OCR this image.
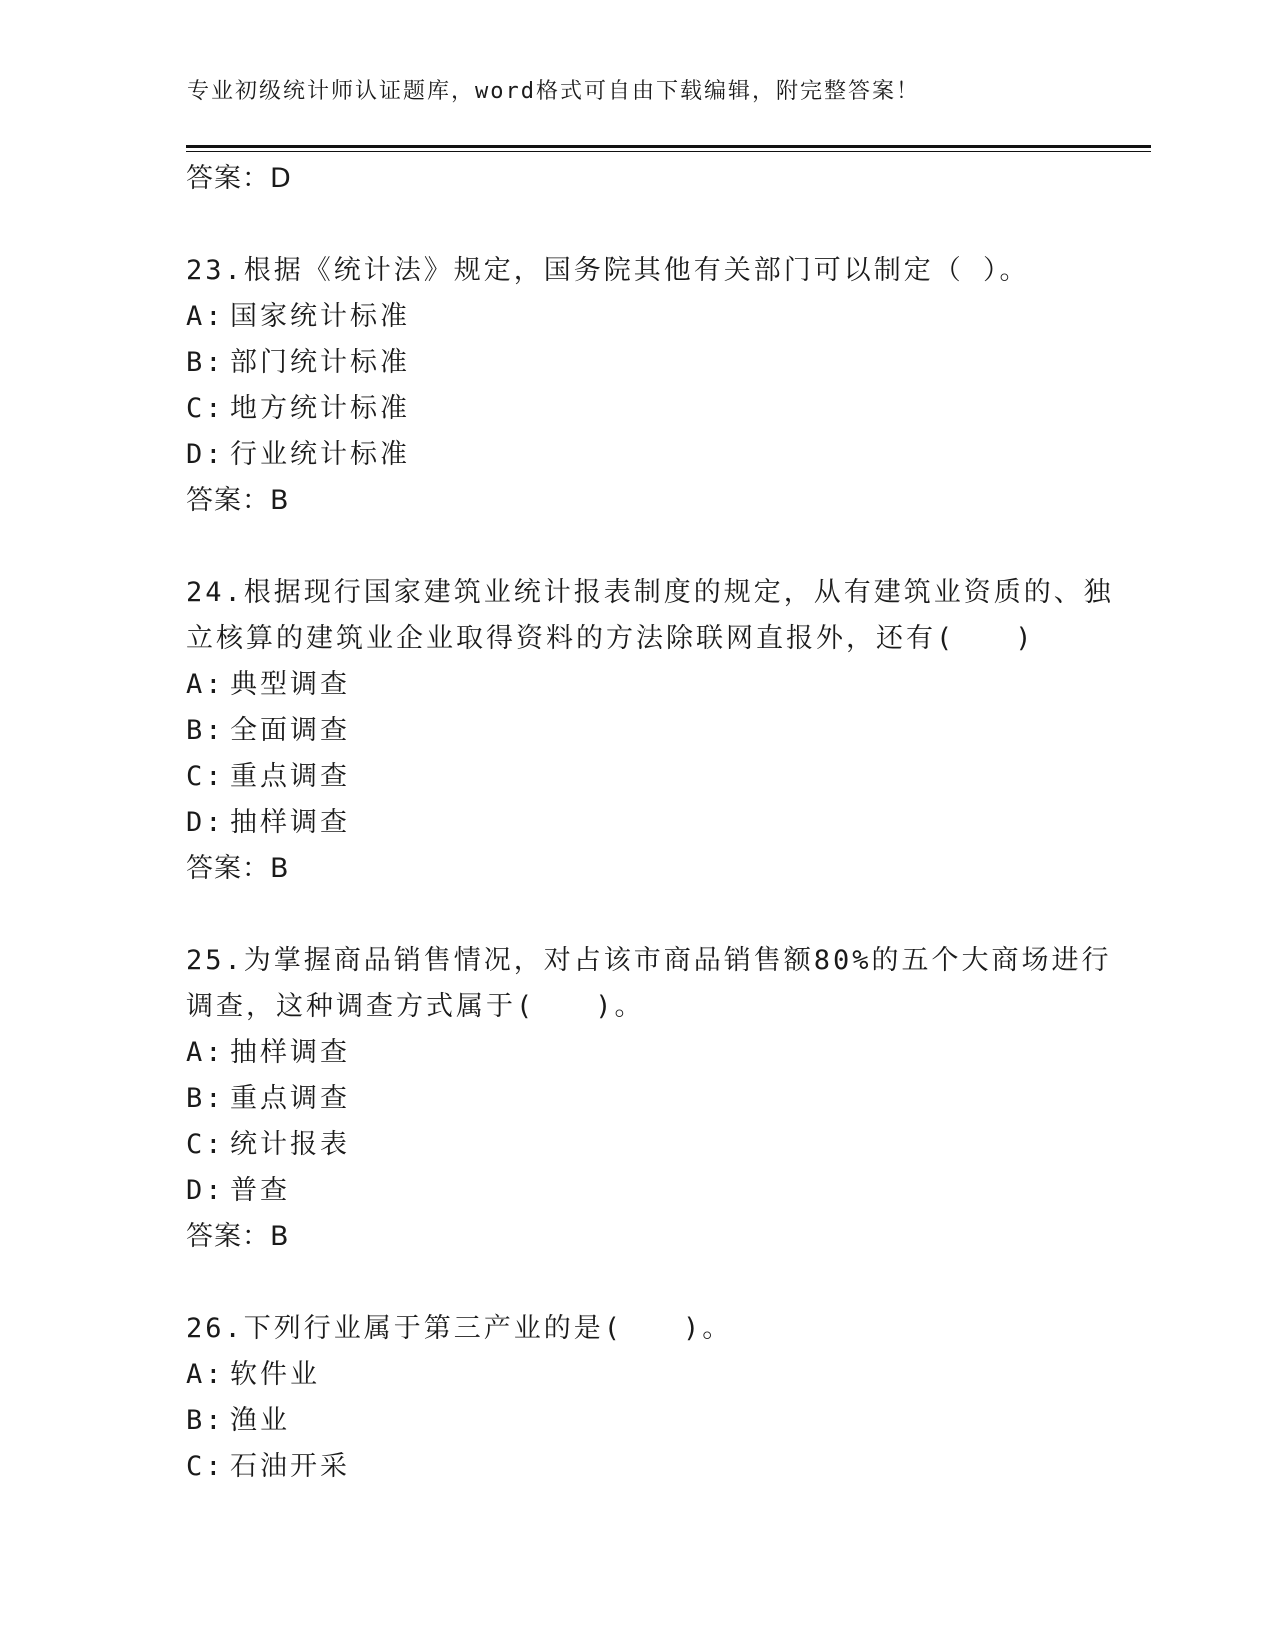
专业初级统计师认证题库，word格式可自由下载编辑，附完整答案！
答案：D

23.根据《统计法》规定，国务院其他有关部门可以制定（ ）。

A: 国家统计标准
B: 部门统计标准
C: 地方统计标准
D: 行业统计标准
答案：B

24.根据现行国家建筑业统计报表制度的规定，从有建筑业资质的、独立核算的建筑业企业取得资料的方法除联网直报外，还有(　　)

A: 典型调查
B: 全面调查
C: 重点调查
D: 抽样调查
答案：B

25.为掌握商品销售情况，对占该市商品销售额80%的五个大商场进行调查，这种调查方式属于(　　)。

A: 抽样调查
B: 重点调查
C: 统计报表
D: 普查
答案：B

26.下列行业属于第三产业的是(　　)。

A: 软件业
B: 渔业
C: 石油开采
